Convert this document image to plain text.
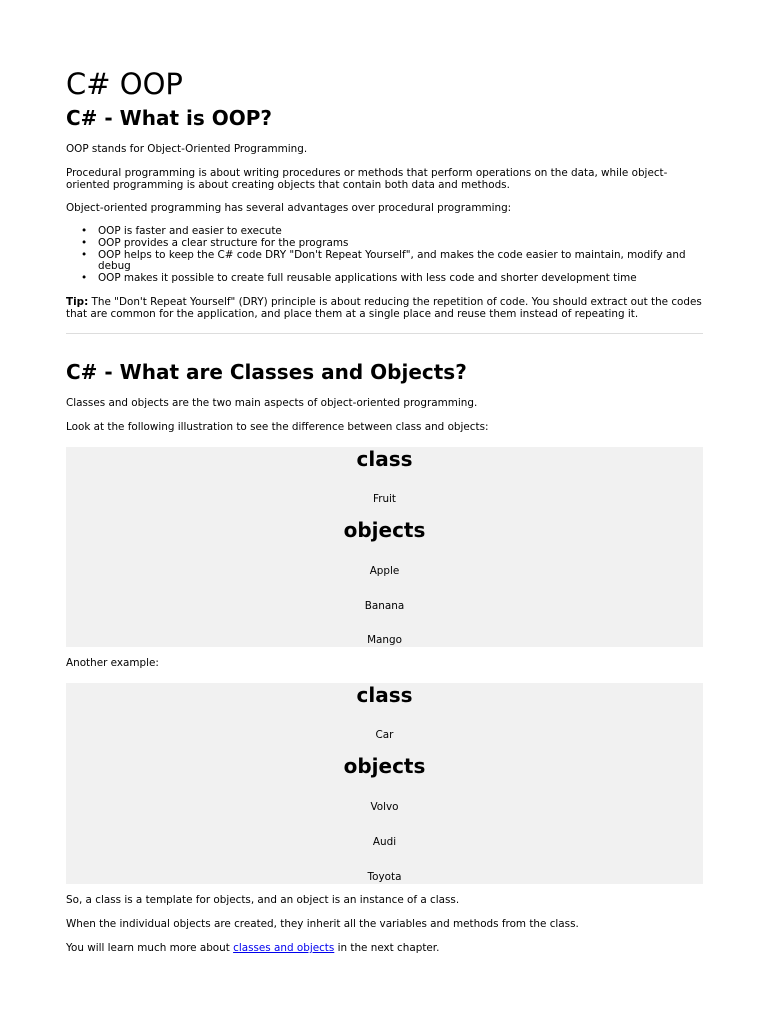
C# OOP
C# - What is OOP?

OOP stands for Object-Oriented Programming.

Procedural programming is about writing procedures or methods that perform operations on the data, while object-oriented programming is about creating objects that contain both data and methods.

Object-oriented programming has several advantages over procedural programming:

• OOP is faster and easier to execute
• OOP provides a clear structure for the programs
• OOP helps to keep the C# code DRY "Don't Repeat Yourself", and makes the code easier to maintain, modify and debug
• OOP makes it possible to create full reusable applications with less code and shorter development time

Tip: The "Don't Repeat Yourself" (DRY) principle is about reducing the repetition of code. You should extract out the codes that are common for the application, and place them at a single place and reuse them instead of repeating it.

C# - What are Classes and Objects?

Classes and objects are the two main aspects of object-oriented programming.

Look at the following illustration to see the difference between class and objects:

class
Fruit
objects
Apple
Banana
Mango

Another example:

class
Car
objects
Volvo
Audi
Toyota

So, a class is a template for objects, and an object is an instance of a class.

When the individual objects are created, they inherit all the variables and methods from the class.

You will learn much more about classes and objects in the next chapter.
